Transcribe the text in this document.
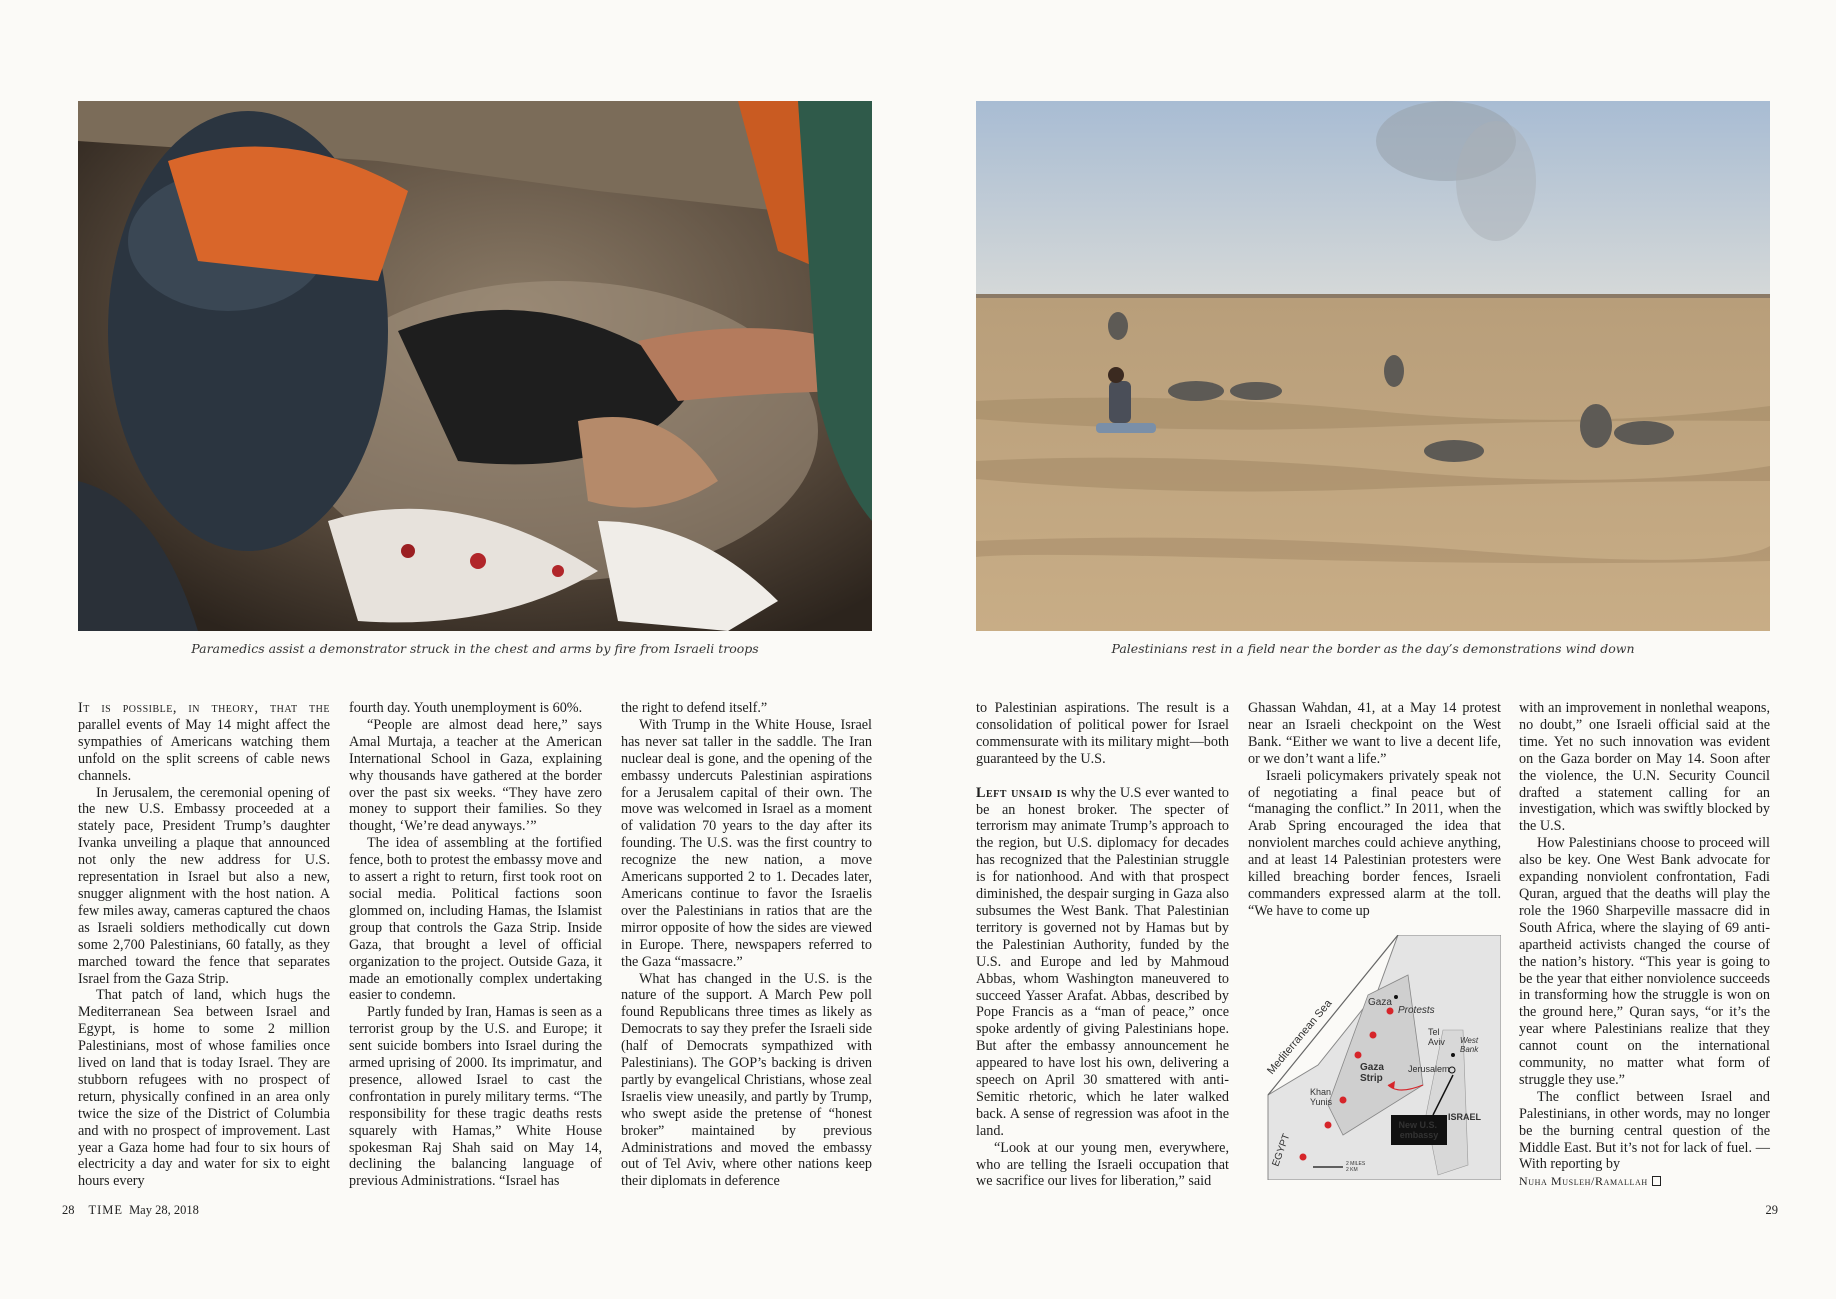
Paramedics assist a demonstrator struck in the chest and arms by fire from Israeli troops

It is possible, in theory, that the parallel events of May 14 might affect the sympathies of Americans watching them unfold on the split screens of cable news channels.

In Jerusalem, the ceremonial opening of the new U.S. Embassy proceeded at a stately pace, President Trump’s daughter Ivanka unveiling a plaque that announced not only the new address for U.S. representation in Israel but also a new, snugger alignment with the host nation. A few miles away, cameras captured the chaos as Israeli soldiers methodically cut down some 2,700 Palestinians, 60 fatally, as they marched toward the fence that separates Israel from the Gaza Strip.

That patch of land, which hugs the Mediterranean Sea between Israel and Egypt, is home to some 2 million Palestinians, most of whose families once lived on land that is today Israel. They are stubborn refugees with no prospect of return, physically confined in an area only twice the size of the District of Columbia and with no prospect of improvement. Last year a Gaza home had four to six hours of electricity a day and water for six to eight hours every

fourth day. Youth unemployment is 60%.

“People are almost dead here,” says Amal Murtaja, a teacher at the American International School in Gaza, explaining why thousands have gathered at the border over the past six weeks. “They have zero money to support their families. So they thought, ‘We’re dead anyways.’”

The idea of assembling at the fortified fence, both to protest the embassy move and to assert a right to return, first took root on social media. Political factions soon glommed on, including Hamas, the Islamist group that controls the Gaza Strip. Inside Gaza, that brought a level of official organization to the project. Outside Gaza, it made an emotionally complex undertaking easier to condemn.

Partly funded by Iran, Hamas is seen as a terrorist group by the U.S. and Europe; it sent suicide bombers into Israel during the armed uprising of 2000. Its imprimatur, and presence, allowed Israel to cast the confrontation in purely military terms. “The responsibility for these tragic deaths rests squarely with Hamas,” White House spokesman Raj Shah said on May 14, declining the balancing language of previous Administrations. “Israel has

the right to defend itself.”

With Trump in the White House, Israel has never sat taller in the saddle. The Iran nuclear deal is gone, and the opening of the embassy undercuts Palestinian aspirations for a Jerusalem capital of their own. The move was welcomed in Israel as a moment of validation 70 years to the day after its founding. The U.S. was the first country to recognize the new nation, a move Americans supported 2 to 1. Decades later, Americans continue to favor the Israelis over the Palestinians in ratios that are the mirror opposite of how the sides are viewed in Europe. There, newspapers referred to the Gaza “massacre.”

What has changed in the U.S. is the nature of the support. A March Pew poll found Republicans three times as likely as Democrats to say they prefer the Israeli side (half of Democrats sympathized with Palestinians). The GOP’s backing is driven partly by evangelical Christians, whose zeal Israelis view uneasily, and partly by Trump, who swept aside the pretense of “honest broker” maintained by previous Administrations and moved the embassy out of Tel Aviv, where other nations keep their diplomats in deference

28 TIME May 28, 2018
Palestinians rest in a field near the border as the day’s demonstrations wind down

to Palestinian aspirations. The result is a consolidation of political power for Israel commensurate with its military might—both guaranteed by the U.S.

Left unsaid is why the U.S ever wanted to be an honest broker. The specter of terrorism may animate Trump’s approach to the region, but U.S. diplomacy for decades has recognized that the Palestinian struggle is for nationhood. And with that prospect diminished, the despair surging in Gaza also subsumes the West Bank. That Palestinian territory is governed not by Hamas but by the Palestinian Authority, funded by the U.S. and Europe and led by Mahmoud Abbas, whom Washington maneuvered to succeed Yasser Arafat. Abbas, described by Pope Francis as a “man of peace,” once spoke ardently of giving Palestinians hope. But after the embassy announcement he appeared to have lost his own, delivering a speech on April 30 smattered with anti-Semitic rhetoric, which he later walked back. A sense of regression was afoot in the land.

“Look at our young men, everywhere, who are telling the Israeli occupation that we sacrifice our lives for liberation,” said

Ghassan Wahdan, 41, at a May 14 protest near an Israeli checkpoint on the West Bank. “Either we want to live a decent life, or we don’t want a life.”

Israeli policymakers privately speak not of negotiating a final peace but of “managing the conflict.” In 2011, when the Arab Spring encouraged the idea that nonviolent marches could achieve anything, and at least 14 Palestinian protesters were killed breaching border fences, Israeli commanders expressed alarm at the toll. “We have to come up

with an improvement in nonlethal weapons, no doubt,” one Israeli official said at the time. Yet no such innovation was evident on the Gaza border on May 14. Soon after the violence, the U.N. Security Council drafted a statement calling for an investigation, which was swiftly blocked by the U.S.

How Palestinians choose to proceed will also be key. One West Bank advocate for expanding nonviolent confrontation, Fadi Quran, argued that the deaths will play the role the 1960 Sharpeville massacre did in South Africa, where the slaying of 69 anti-apartheid activists changed the course of the nation’s history. “This year is going to be the year that either nonviolence succeeds in transforming how the struggle is won on the ground here,” Quran says, “or it’s the year where Palestinians realize that they cannot count on the international community, no matter what form of struggle they use.”

The conflict between Israel and Palestinians, in other words, may no longer be the burning central question of the Middle East. But it’s not for lack of fuel. —With reporting by
Nuha Musleh/Ramallah

Mediterranean Sea
EGYPT
Gaza
Protests
Gaza Strip
Khan Yunis
Tel Aviv West Bank
Jerusalem
ISRAEL
New U.S. embassy
2 MILES 2 KM
29
